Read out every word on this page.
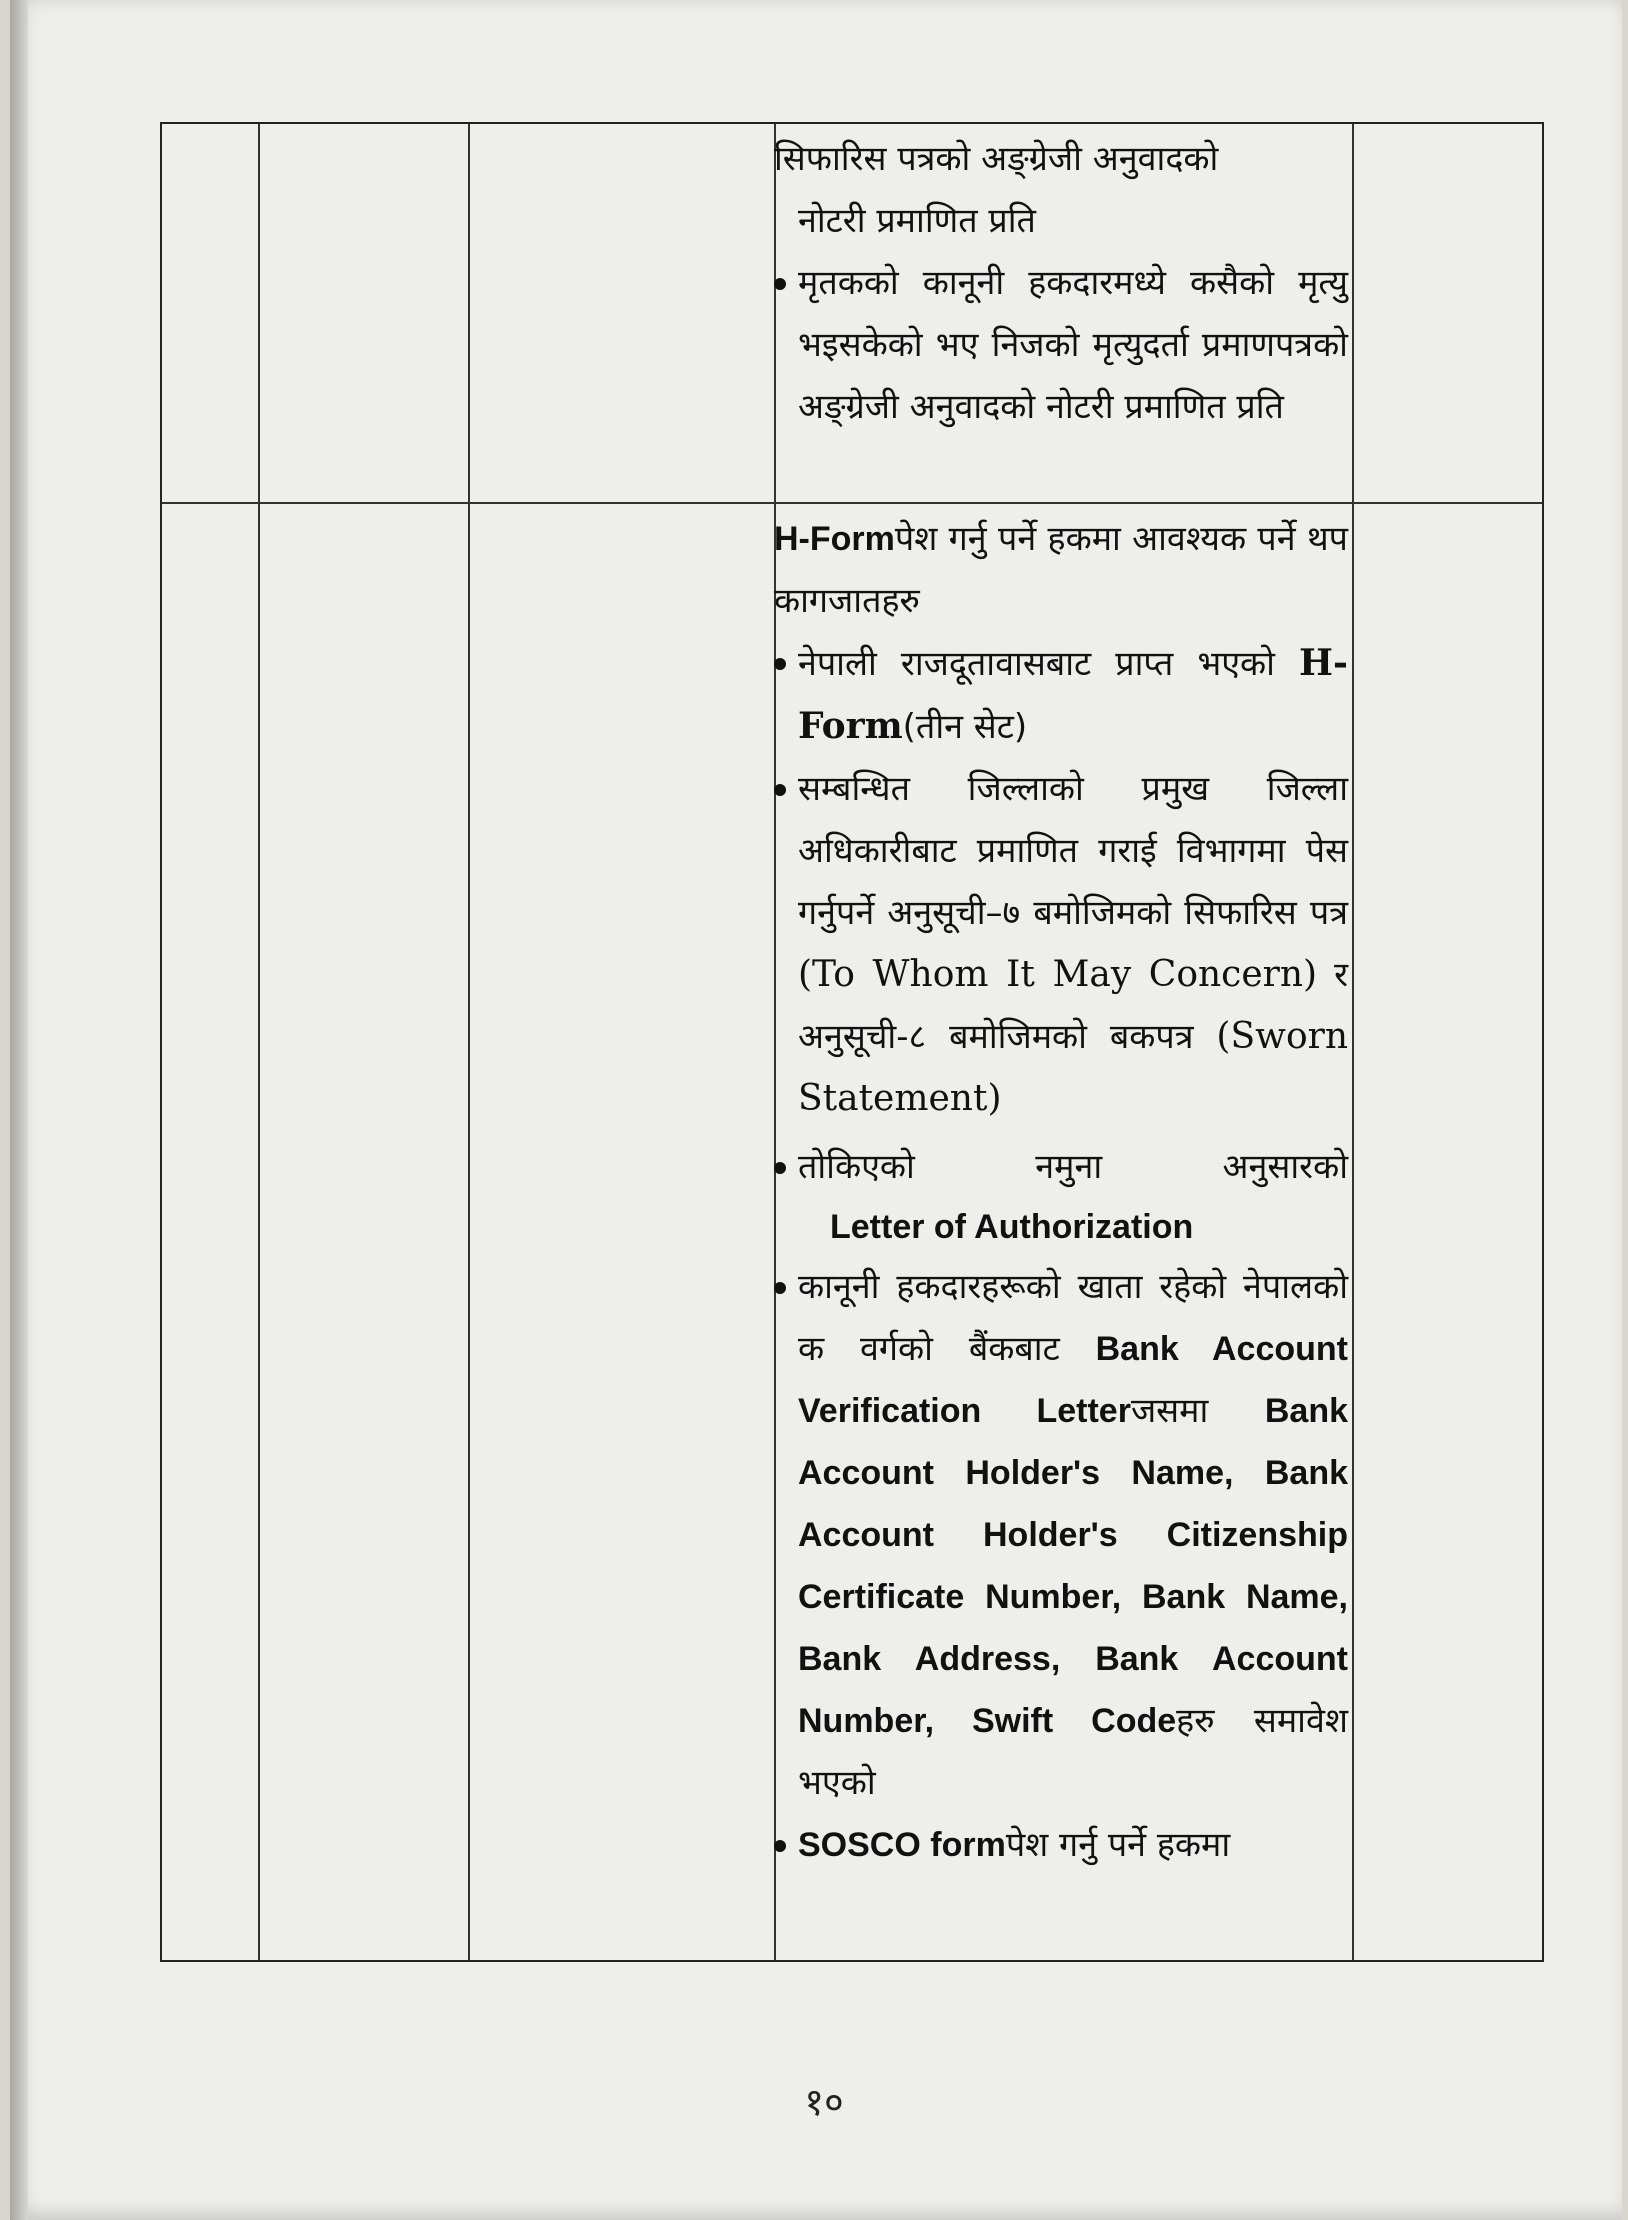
सिफारिस पत्रको अङ्ग्रेजी अनुवादको

नोटरी प्रमाणित प्रति

मृतकको कानूनी हकदारमध्ये कसैको मृत्यु भइसकेको भए निजको मृत्युदर्ता प्रमाणपत्रको अङ्ग्रेजी अनुवादको नोटरी प्रमाणित प्रति

H-Formपेश गर्नु पर्ने हकमा आवश्यक पर्ने थप कागजातहरु

नेपाली राजदूतावासबाट प्राप्त भएको H-Form(तीन सेट)
सम्बन्धित जिल्लाको प्रमुख जिल्ला अधिकारीबाट प्रमाणित गराई विभागमा पेस गर्नुपर्ने अनुसूची–७ बमोजिमको सिफारिस पत्र (To Whom It May Concern) र अनुसूची-८ बमोजिमको बकपत्र (Sworn Statement)
तोकिएको नमुना अनुसारको
Letter of Authorization
कानूनी हकदारहरूको खाता रहेको नेपालको क वर्गको बैंकबाट Bank Account Verification Letterजसमा Bank Account Holder's Name, Bank Account Holder's Citizenship Certificate Number, Bank Name, Bank Address, Bank Account Number, Swift Codeहरु समावेश भएको
SOSCO formपेश गर्नु पर्ने हकमा
१०
